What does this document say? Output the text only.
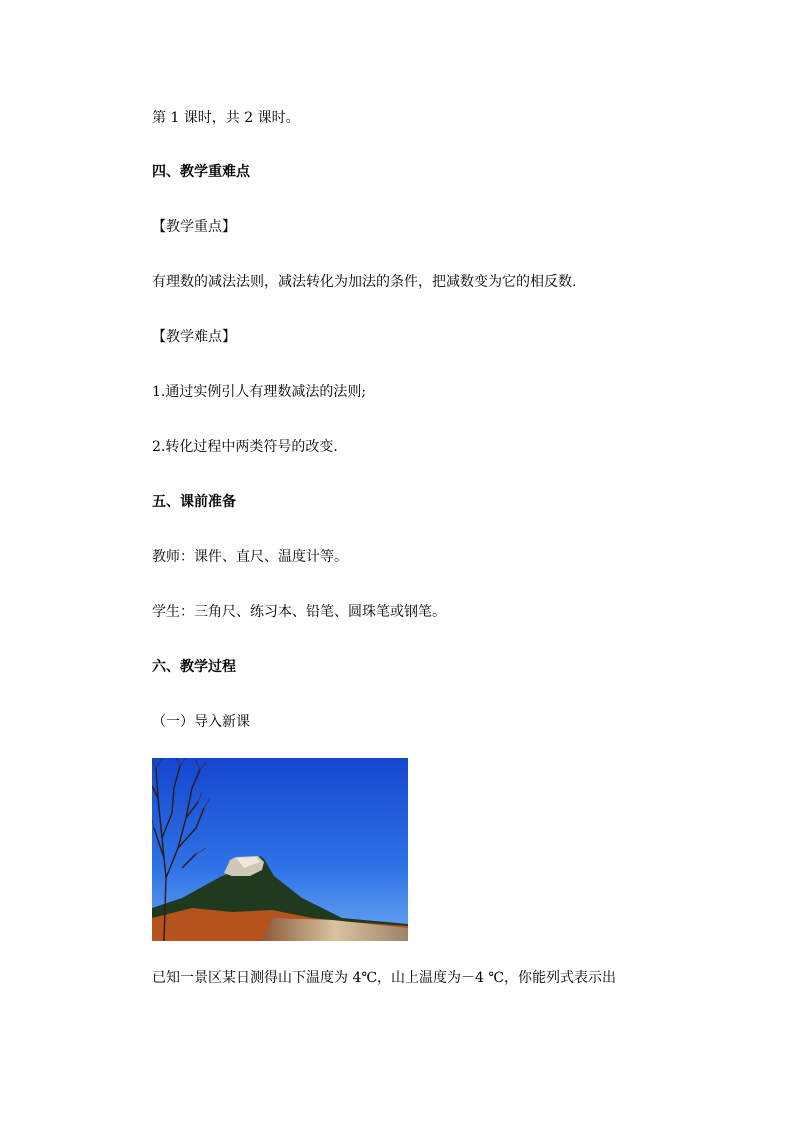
第 1 课时，共 2 课时。
四、教学重难点
【教学重点】
有理数的减法法则，减法转化为加法的条件，把减数变为它的相反数.
【教学难点】
1.通过实例引人有理数减法的法则;
2.转化过程中两类符号的改变.
五、课前准备
教师：课件、直尺、温度计等。
学生：三角尺、练习本、铅笔、圆珠笔或钢笔。
六、教学过程
（一）导入新课
已知一景区某日测得山下温度为 4℃，山上温度为－4 ℃，你能列式表示出
